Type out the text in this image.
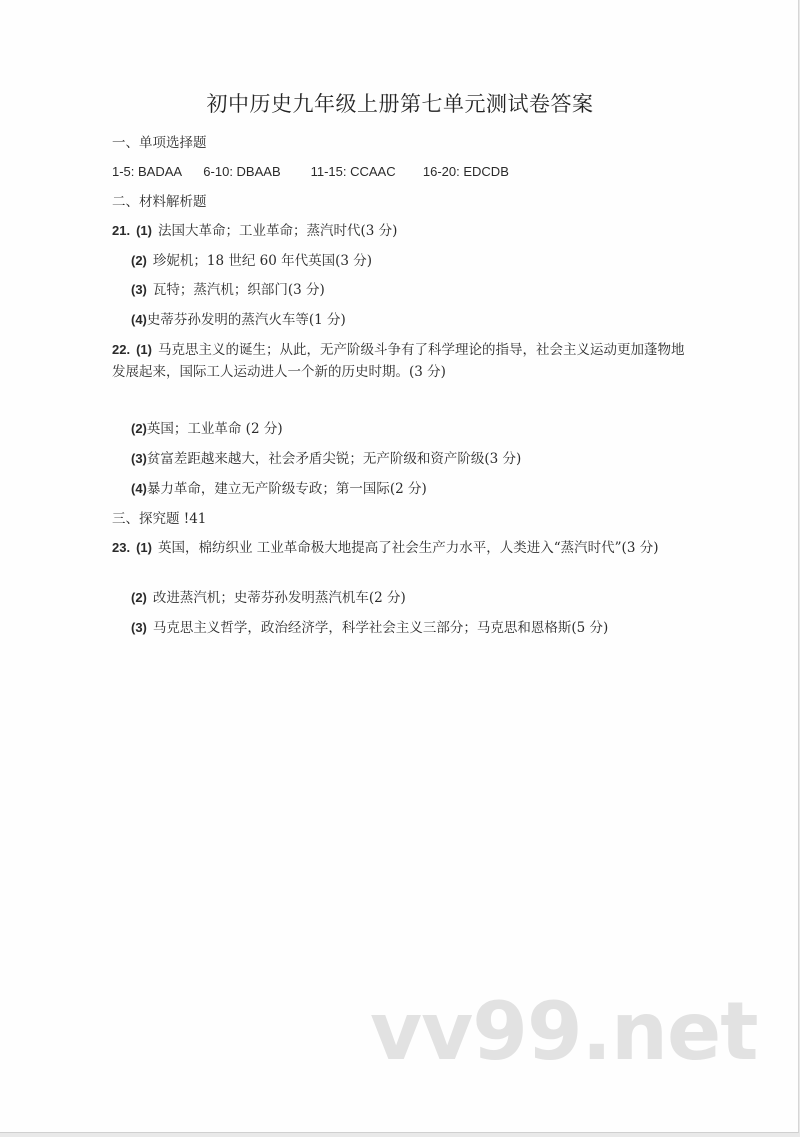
初中历史九年级上册第七单元测试卷答案
一、单项选择题
1-5: BADAA 6-10: DBAAB 11-15: CCAAC 16-20: EDCDB
二、材料解析题
21. (1) 法国大革命；工业革命；蒸汽时代(3 分)
(2) 珍妮机；18 世纪 60 年代英国(3 分)
(3) 瓦特；蒸汽机；织部门(3 分)
(4)史蒂芬孙发明的蒸汽火车等(1 分)
22. (1) 马克思主义的诞生；从此，无产阶级斗争有了科学理论的指导，社会主义运动更加蓬物地发展起来，国际工人运动进人一个新的历史时期。(3 分)
(2)英国；工业革命 (2 分)
(3)贫富差距越来越大，社会矛盾尖锐；无产阶级和资产阶级(3 分)
(4)暴力革命，建立无产阶级专政；第一国际(2 分)
三、探究题 !41
23. (1) 英国，棉纺织业 工业革命极大地提高了社会生产力水平，人类进入“蒸汽时代”(3 分)
(2) 改进蒸汽机；史蒂芬孙发明蒸汽机车(2 分)
(3) 马克思主义哲学，政治经济学，科学社会主义三部分；马克思和恩格斯(5 分)
vv99.net
